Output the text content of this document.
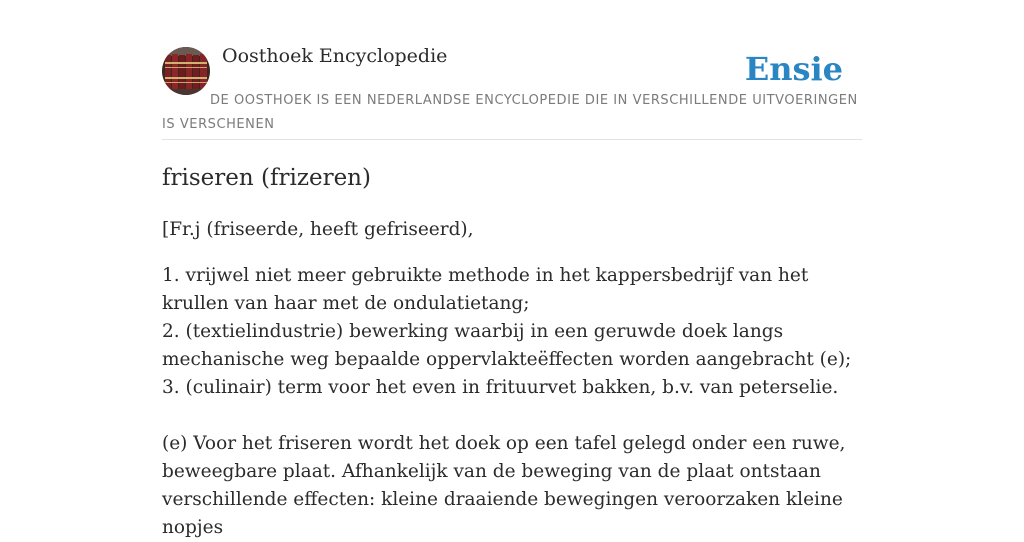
Oosthoek Encyclopedie	Ensie
DE OOSTHOEK IS EEN NEDERLANDSE ENCYCLOPEDIE DIE IN VERSCHILLENDE UITVOERINGEN IS VERSCHENEN
friseren (frizeren)

[Fr.j (friseerde, heeft gefriseerd),

1. vrijwel niet meer gebruikte methode in het kappersbedrijf van het krullen van haar met de ondulatietang;
2. (textielindustrie) bewerking waarbij in een geruwde doek langs mechanische weg bepaalde oppervlakteëffecten worden aangebracht (e);
3. (culinair) term voor het even in frituurvet bakken, b.v. van peterselie.

(e) Voor het friseren wordt het doek op een tafel gelegd onder een ruwe, beweegbare plaat. Afhankelijk van de beweging van de plaat ontstaan verschillende effecten: kleine draaiende bewegingen veroorzaken kleine nopjes
